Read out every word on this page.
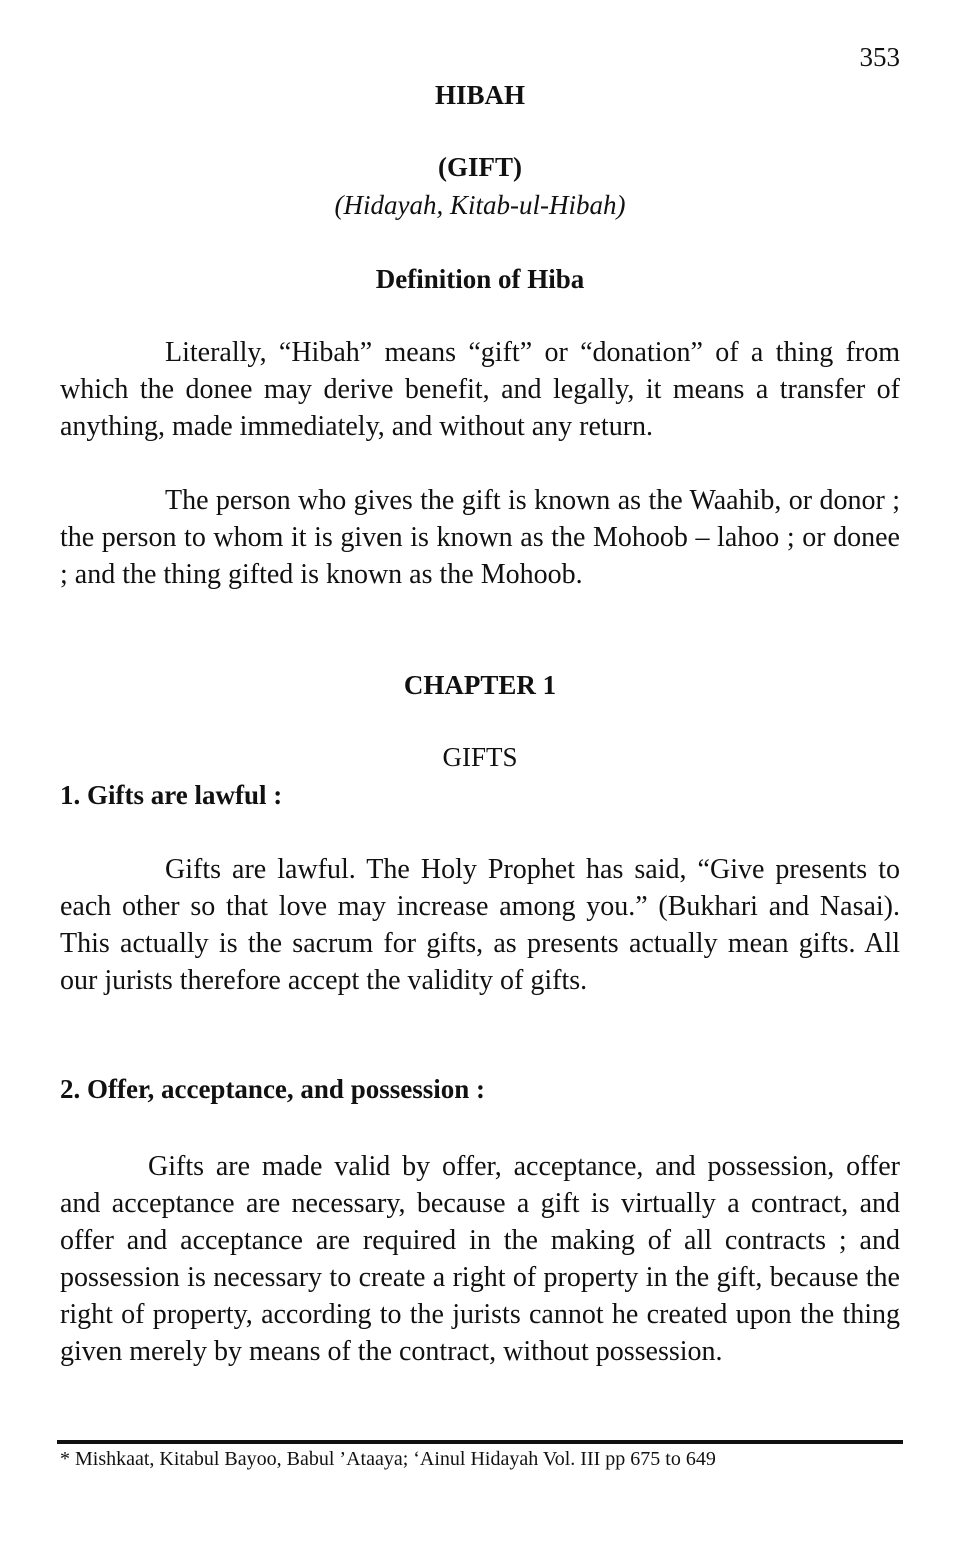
353
HIBAH
(GIFT)
(Hidayah, Kitab-ul-Hibah)
Definition of Hiba

Literally, “Hibah” means “gift” or “donation” of a thing from which the donee may derive benefit, and legally, it means a transfer of anything, made immediately, and without any return.

The person who gives the gift is known as the Waahib, or donor ; the person to whom it is given is known as the Mohoob – lahoo ; or donee ; and the thing gifted is known as the Mohoob.

CHAPTER 1
GIFTS
1. Gifts are lawful :

Gifts are lawful. The Holy Prophet has said, “Give presents to each other so that love may increase among you.” (Bukhari and Nasai). This actually is the sacrum for gifts, as presents actually mean gifts. All our jurists therefore accept the validity of gifts.

2. Offer, acceptance, and possession :

Gifts are made valid by offer, acceptance, and possession, offer and acceptance are necessary, because a gift is virtually a contract, and offer and acceptance are required in the making of all contracts ; and possession is necessary to create a right of property in the gift, because the right of property, according to the jurists cannot he created upon the thing given merely by means of the contract, without possession.

* Mishkaat, Kitabul Bayoo, Babul ’Ataaya; ‘Ainul Hidayah Vol. III pp 675 to 649
